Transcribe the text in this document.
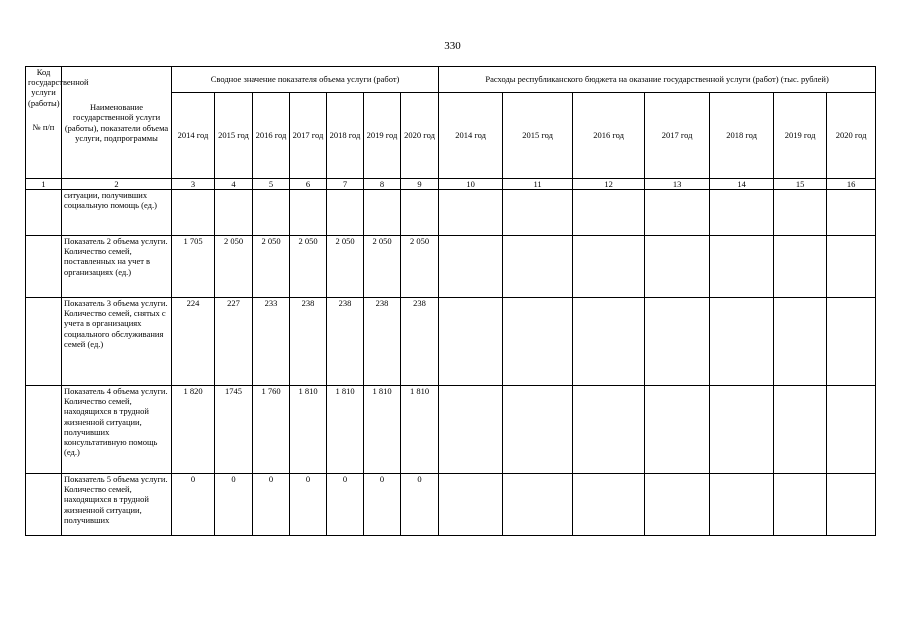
330
Код государственной услуги (работы)
№ п/п	Наименование государственной услуги (работы), показатели объема услуги, подпрограммы	Сводное значение показателя объема услуги (работ)							Расходы республиканского бюджета на оказание государственной услуги (работ) (тыс. рублей)						
		2014 год	2015 год	2016 год	2017 год	2018 год	2019 год	2020 год	2014 год	2015 год	2016 год	2017 год	2018 год	2019 год	2020 год
1	2	3	4	5	6	7	8	9	10	11	12	13	14	15	16
	ситуации, получивших социальную помощь (ед.)														
	Показатель 2 объема услуги. Количество семей, поставленных на учет в организациях (ед.)	1 705	2 050	2 050	2 050	2 050	2 050	2 050							
	Показатель 3 объема услуги. Количество семей, снятых с учета в организациях социального обслуживания семей (ед.)	224	227	233	238	238	238	238							
	Показатель 4 объема услуги. Количество семей, находящихся в трудной жизненной ситуации, получивших консультативную помощь (ед.)	1 820	1745	1 760	1 810	1 810	1 810	1 810							
	Показатель 5 объема услуги. Количество семей, находящихся в трудной жизненной ситуации, получивших	0	0	0	0	0	0	0							
